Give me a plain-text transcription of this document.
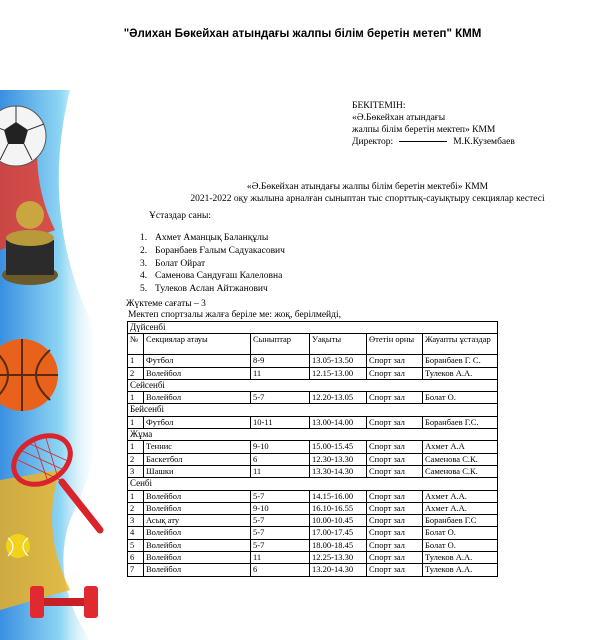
"Әлихан Бөкейхан атындағы жалпы білім беретін метеп" КММ
БЕКІТЕМІН:
«Ә.Бөкейхан атындағы
жалпы білім беретін мектеп» КММ
Директор:	М.К.Кузембаев
«Ә.Бөкейхан атындағы жалпы білім беретін мектебі» КММ
2021-2022 оқу жылына арналған сыныптан тыс спорттық-сауықтыру секциялар кестесі
Ұстаздар саны:
1. Ахмет Аманцық Баланқұлы
2. Боранбаев Ғалым Садуакасович
3. Болат Ойрат
4. Саменова Сандуғаш Калеловна
5. Тулеков Аслан Айтжанович
Жүктеме сағаты – 3
Мектеп спортзалы жалға беріле ме: жоқ, берілмейді,
Дүйсенбі					
№	Секциялар атауы	Сыныптар	Уақыты	Өтетін орны	Жауапты ұстаздар
1	Футбол	8-9	13.05-13.50	Спорт зал	Боранбаев Г. С.
2	Волейбол	11	12.15-13.00	Спорт зал	Тулеков А.А.
Сейсенбі					
1	Волейбол	5-7	12.20-13.05	Спорт зал	Болат О.
Бейсенбі					
1	Футбол	10-11	13.00-14.00	Спорт зал	Боранбаев Г.С.
Жұма					
1	Теннис	9-10	15.00-15.45	Спорт зал	Ахмет А.А
2	Баскетбол	6	12.30-13.30	Спорт зал	Саменова С.К.
3	Шашки	11	13.30-14.30	Спорт зал	Саменова С.К.
Сенбі					
1	Волейбол	5-7	14.15-16.00	Спорт зал	Ахмет А.А.
2	Волейбол	9-10	16.10-16.55	Спорт зал	Ахмет А.А.
3	Асық ату	5-7	10.00-10.45	Спорт зал	Боранбаев Г.С
4	Волейбол	5-7	17.00-17.45	Спорт зал	Болат О.
5	Волейбол	5-7	18.00-18.45	Спорт зал	Болат О.
6	Волейбол	11	12.25-13.30	Спорт зал	Тулеков А.А.
7	Волейбол	6	13.20-14.30	Спорт зал	Тулеков А.А.
